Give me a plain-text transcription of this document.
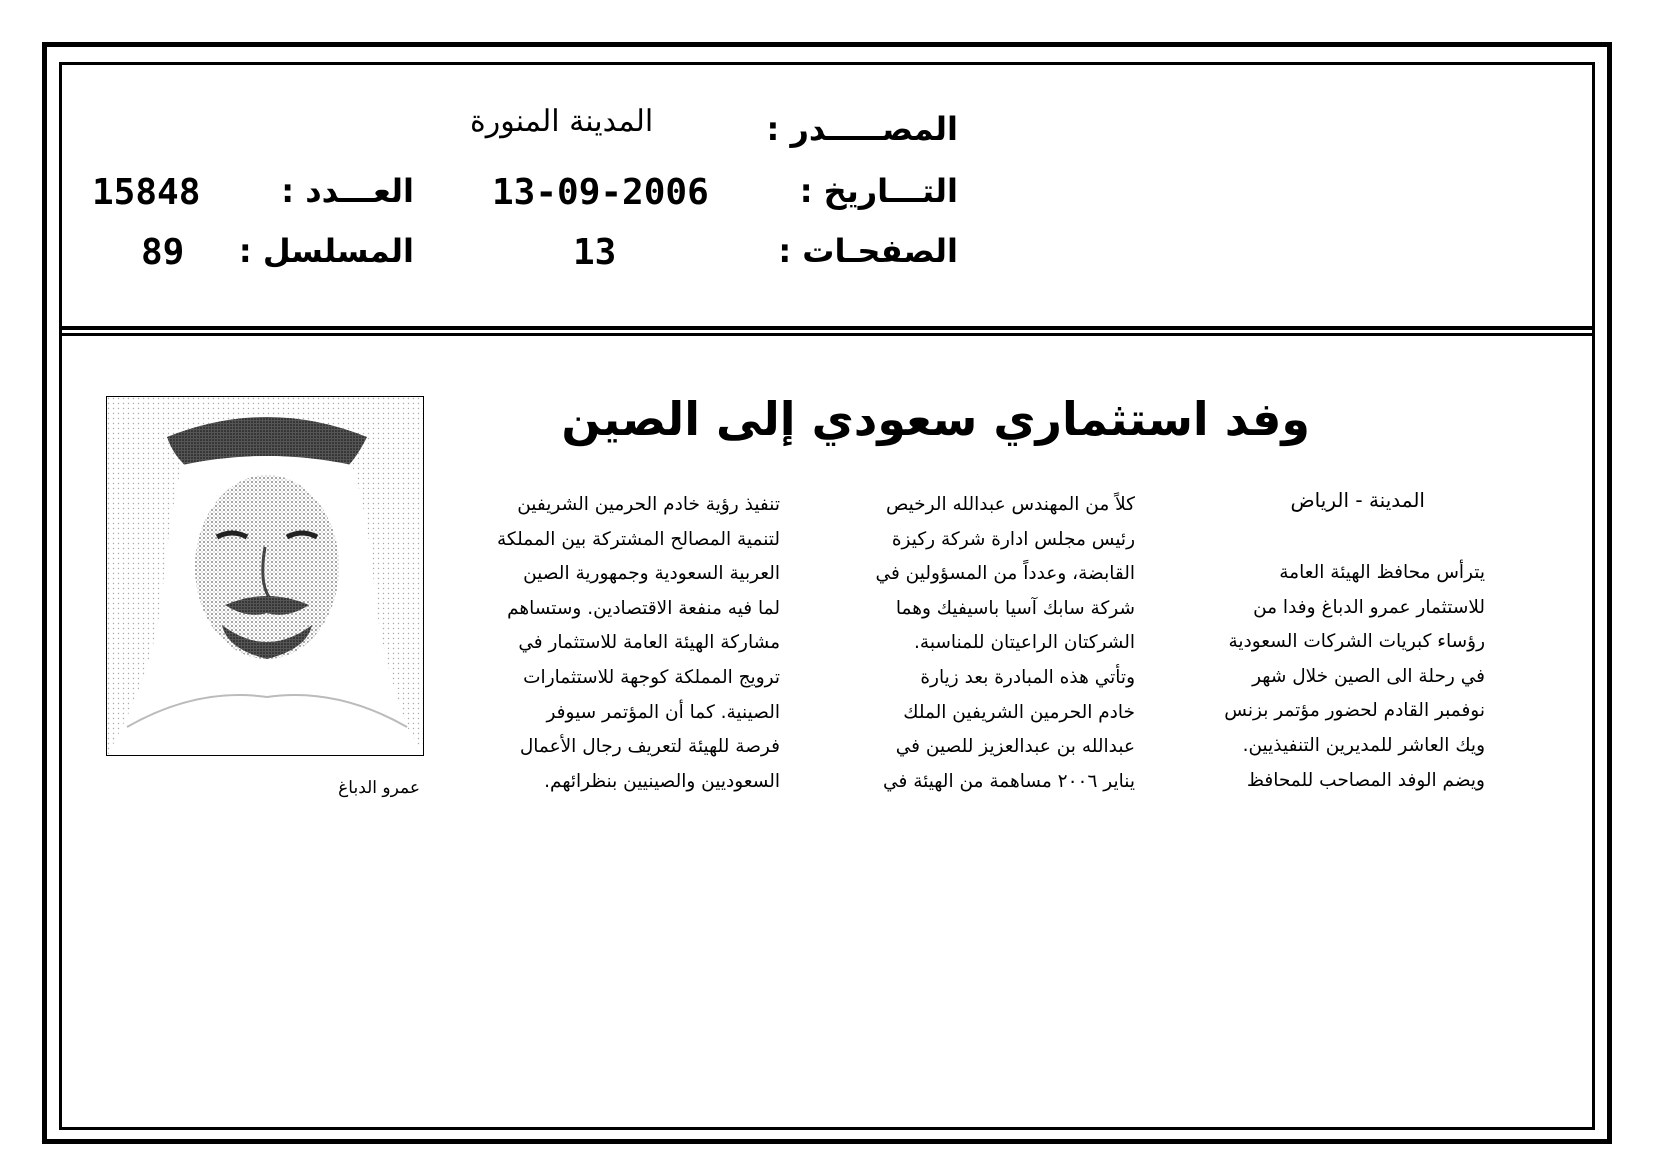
المصـــــدر :
المدينة المنورة
التـــاريخ :
13-09-2006
العـــدد :
15848
الصفحـات :
13
المسلسل :
89
وفد استثماري سعودي إلى الصين
المدينة - الرياض
يترأس محافظ الهيئة العامة
للاستثمار عمرو الدباغ وفدا من
رؤساء كبريات الشركات السعودية
في رحلة الى الصين خلال شهر
نوفمبر القادم لحضور مؤتمر بزنس
ويك العاشر للمديرين التنفيذيين.
ويضم الوفد المصاحب للمحافظ
كلاً من المهندس عبدالله الرخيص
رئيس مجلس ادارة شركة ركيزة
القابضة، وعدداً من المسؤولين في
شركة سابك آسيا باسيفيك وهما
الشركتان الراعيتان للمناسبة.
وتأتي هذه المبادرة بعد زيارة
خادم الحرمين الشريفين الملك
عبدالله بن عبدالعزيز للصين في
يناير ٢٠٠٦ مساهمة من الهيئة في
تنفيذ رؤية خادم الحرمين الشريفين
لتنمية المصالح المشتركة بين المملكة
العربية السعودية وجمهورية الصين
لما فيه منفعة الاقتصادين. وستساهم
مشاركة الهيئة العامة للاستثمار في
ترويج المملكة كوجهة للاستثمارات
الصينية. كما أن المؤتمر سيوفر
فرصة للهيئة لتعريف رجال الأعمال
السعوديين والصينيين بنظرائهم.
عمرو الدباغ
